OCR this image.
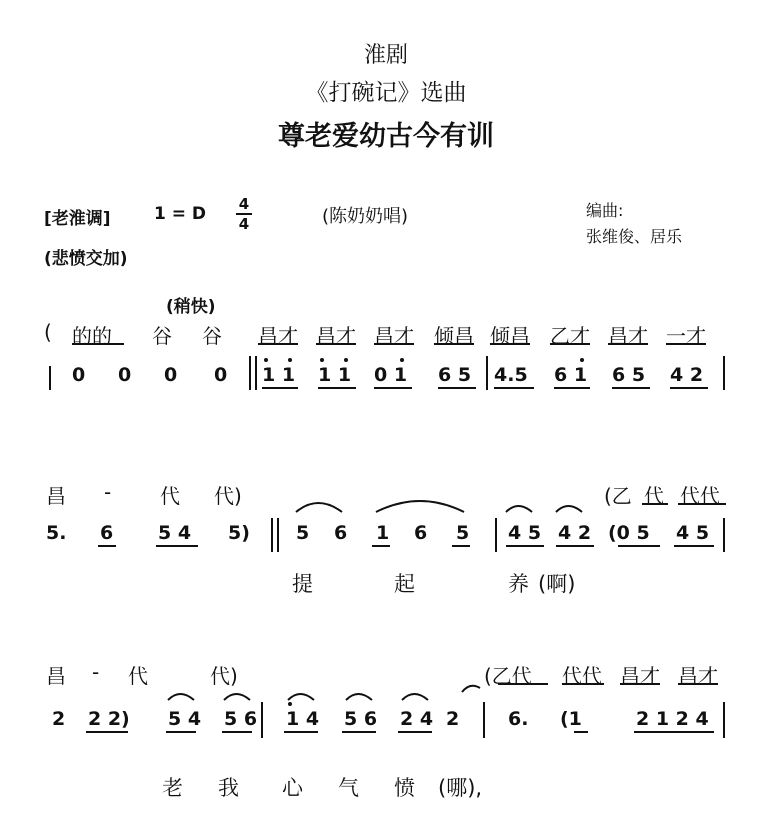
淮剧
《打碗记》选曲
尊老爱幼古今有训
[老淮调]	1 = D 4
4	(陈奶奶唱)	编曲:
张维俊、居乐
(悲愤交加)
(稍快)
( 的的 谷 谷 昌才 昌才 昌才 倾昌 倾昌 乙才 昌才 一才
0 0 0 0 1 1 1 1 0 1 6 5 4.5 6 1 6 5 4 2
昌 - 代 代)	(乙 代 代代
5. 6 5 4 5) 5 6 1 6 5 4 5 4 2 (0 5 4 5
提	起	养 (啊)
昌 - 代	代)	(乙代 代代 昌才 昌才
2 2 2) 5 4 5 6 1 4 5 6 2 4 2	6. (1	2 1 2 4
老 我 心 气 愤 (哪),
